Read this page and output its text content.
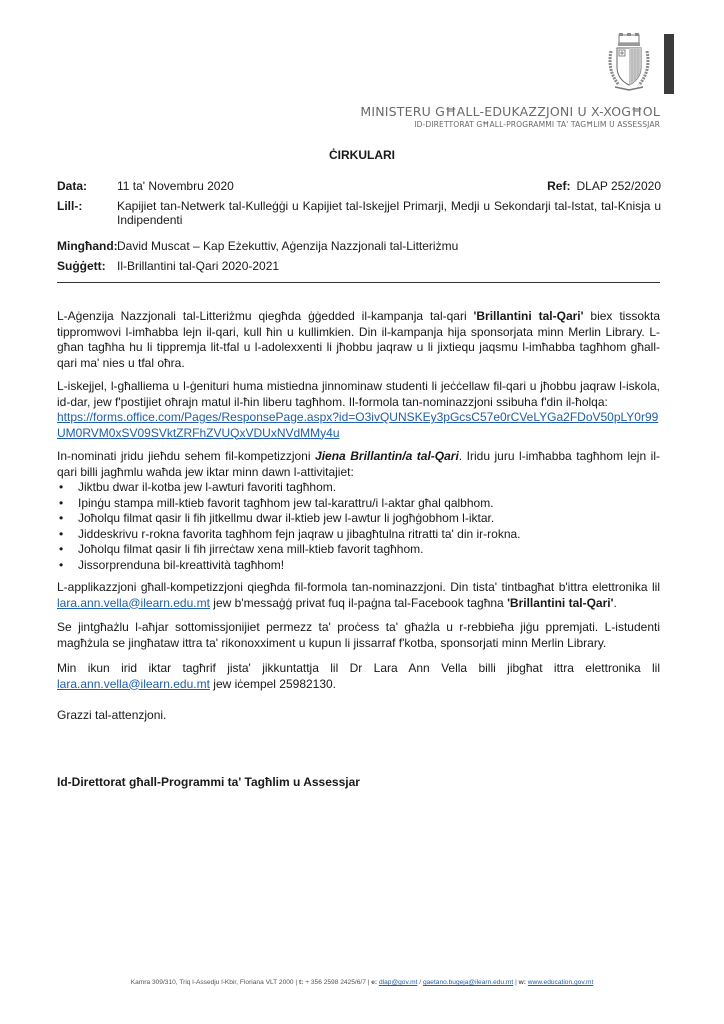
MINISTERU GĦALL-EDUKAZZJONI U X-XOGĦOL
ID-DIRETTORAT GĦALL-PROGRAMMI TA' TAGĦLIM U ASSESSJAR
ĊIRKULARI
Data: 11 ta' Novembru 2020	Ref: DLAP 252/2020
Lill-:	Kapijiet tan-Netwerk tal-Kulleġġi u Kapijiet tal-Iskejjel Primarji, Medji u Sekondarji tal-Istat, tal-Knisja u Indipendenti
Mingħand: David Muscat – Kap Eżekuttiv, Aġenzija Nazzjonali tal-Litteriżmu
Suġġett: Il-Brillantini tal-Qari 2020-2021

L-Aġenzija Nazzjonali tal-Litteriżmu qiegħda ġġedded il-kampanja tal-qari 'Brillantini tal-Qari' biex tissokta tippromwovi l-imħabba lejn il-qari, kull ħin u kullimkien. Din il-kampanja hija sponsorjata minn Merlin Library. L-għan tagħha hu li tippremja lit-tfal u l-adolexxenti li jħobbu jaqraw u li jixtiequ jaqsmu l-imħabba tagħhom għall-qari ma' nies u tfal oħra.

L-iskejjel, l-għalliema u l-ġenituri huma mistiedna jinnominaw studenti li jeċċellaw fil-qari u jħobbu jaqraw l-iskola, id-dar, jew f'postijiet oħrajn matul il-ħin liberu tagħhom. Il-formola tan-nominazzjoni ssibuha f'din il-ħolqa:

https://forms.office.com/Pages/ResponsePage.aspx?id=O3ivQUNSKEy3pGcsC57e0rCVeLYGa2FDoV50pLY0r99UM0RVM0xSV09SVktZRFhZVUQxVDUxNVdMMy4u

In-nominati jridu jieħdu sehem fil-kompetizzjoni Jiena Brillantin/a tal-Qari. Iridu juru l-imħabba tagħhom lejn il-qari billi jagħmlu waħda jew iktar minn dawn l-attivitajiet:

• Jiktbu dwar il-kotba jew l-awturi favoriti tagħhom.
• Ipinġu stampa mill-ktieb favorit tagħhom jew tal-karattru/i l-aktar għal qalbhom.
• Joħolqu filmat qasir li fih jitkellmu dwar il-ktieb jew l-awtur li jogħġobhom l-iktar.
• Jiddeskrivu r-rokna favorita tagħhom fejn jaqraw u jibagħtulna ritratti ta' din ir-rokna.
• Joħolqu filmat qasir li fih jirreċtaw xena mill-ktieb favorit tagħhom.
• Jissorprenduna bil-kreattività tagħhom!

L-applikazzjoni għall-kompetizzjoni qiegħda fil-formola tan-nominazzjoni. Din tista' tintbagħat b'ittra elettronika lil lara.ann.vella@ilearn.edu.mt jew b'messaġġ privat fuq il-paġna tal-Facebook tagħna 'Brillantini tal-Qari'.

Se jintgħażlu l-aħjar sottomissjonijiet permezz ta' proċess ta' għażla u r-rebbieħa jiġu ppremjati. L-istudenti magħżula se jingħataw ittra ta' rikonoxximent u kupun li jissarraf f'kotba, sponsorjati minn Merlin Library.

Min ikun irid iktar tagħrif jista' jikkuntattja lil Dr Lara Ann Vella billi jibgħat ittra elettronika lil lara.ann.vella@ilearn.edu.mt jew iċempel 25982130.

Grazzi tal-attenzjoni.

Id-Direttorat għall-Programmi ta' Tagħlim u Assessjar
Kamra 309/310, Triq l-Assedju l-Kbir, Floriana VLT 2000 | t: + 356 2598 2425/6/7 | e: dlap@gov.mt / gaetano.bugeja@ilearn.edu.mt | w: www.education.gov.mt
